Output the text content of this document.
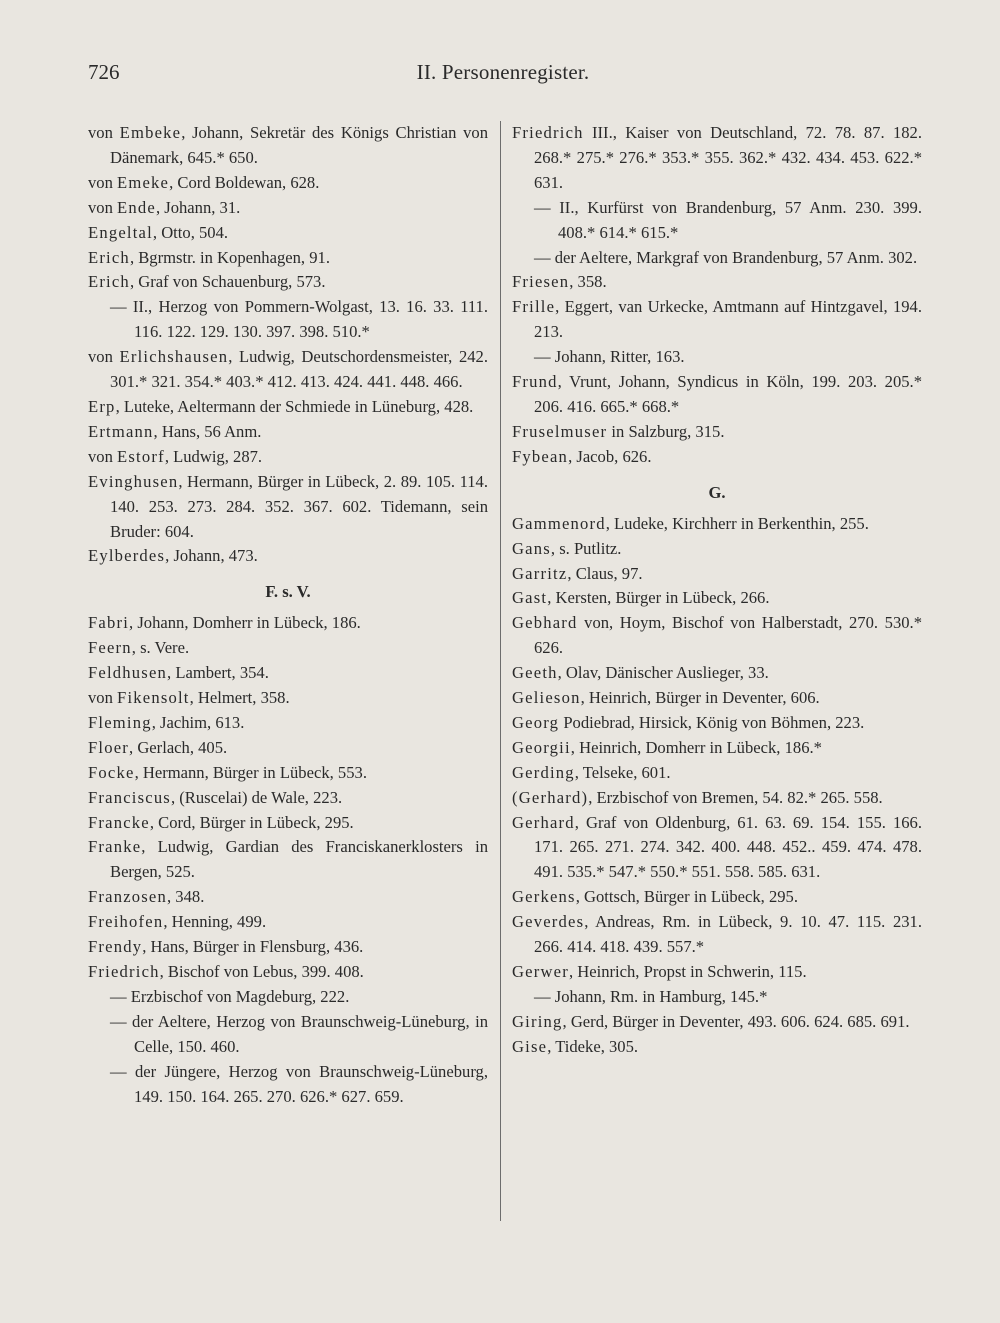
726	II. Personenregister.
von Embeke, Johann, Sekretär des Königs Christian von Dänemark, 645.* 650.
von Emeke, Cord Boldewan, 628.
von Ende, Johann, 31.
Engeltal, Otto, 504.
Erich, Bgrmstr. in Kopenhagen, 91.
Erich, Graf von Schauenburg, 573.
— II., Herzog von Pommern-Wolgast, 13. 16. 33. 111. 116. 122. 129. 130. 397. 398. 510.*
von Erlichshausen, Ludwig, Deutschordensmeister, 242. 301.* 321. 354.* 403.* 412. 413. 424. 441. 448. 466.
Erp, Luteke, Aeltermann der Schmiede in Lüneburg, 428.
Ertmann, Hans, 56 Anm.
von Estorf, Ludwig, 287.
Evinghusen, Hermann, Bürger in Lübeck, 2. 89. 105. 114. 140. 253. 273. 284. 352. 367. 602. Tidemann, sein Bruder: 604.
Eylberdes, Johann, 473.
F. s. V.
Fabri, Johann, Domherr in Lübeck, 186.
Feern, s. Vere.
Feldhusen, Lambert, 354.
von Fikensolt, Helmert, 358.
Fleming, Jachim, 613.
Floer, Gerlach, 405.
Focke, Hermann, Bürger in Lübeck, 553.
Franciscus, (Ruscelai) de Wale, 223.
Francke, Cord, Bürger in Lübeck, 295.
Franke, Ludwig, Gardian des Franciskanerklosters in Bergen, 525.
Franzosen, 348.
Freihofen, Henning, 499.
Frendy, Hans, Bürger in Flensburg, 436.
Friedrich, Bischof von Lebus, 399. 408.
— Erzbischof von Magdeburg, 222.
— der Aeltere, Herzog von Braunschweig-Lüneburg, in Celle, 150. 460.
— der Jüngere, Herzog von Braunschweig-Lüneburg, 149. 150. 164. 265. 270. 626.* 627. 659.
Friedrich III., Kaiser von Deutschland, 72. 78. 87. 182. 268.* 275.* 276.* 353.* 355. 362.* 432. 434. 453. 622.* 631.
— II., Kurfürst von Brandenburg, 57 Anm. 230. 399. 408.* 614.* 615.*
— der Aeltere, Markgraf von Brandenburg, 57 Anm. 302.
Friesen, 358.
Frille, Eggert, van Urkecke, Amtmann auf Hintzgavel, 194. 213.
— Johann, Ritter, 163.
Frund, Vrunt, Johann, Syndicus in Köln, 199. 203. 205.* 206. 416. 665.* 668.*
Fruselmuser in Salzburg, 315.
Fybean, Jacob, 626.
G.
Gammenord, Ludeke, Kirchherr in Berkenthin, 255.
Gans, s. Putlitz.
Garritz, Claus, 97.
Gast, Kersten, Bürger in Lübeck, 266.
Gebhard von, Hoym, Bischof von Halberstadt, 270. 530.* 626.
Geeth, Olav, Dänischer Auslieger, 33.
Gelieson, Heinrich, Bürger in Deventer, 606.
Georg Podiebrad, Hirsick, König von Böhmen, 223.
Georgii, Heinrich, Domherr in Lübeck, 186.*
Gerding, Telseke, 601.
(Gerhard), Erzbischof von Bremen, 54. 82.* 265. 558.
Gerhard, Graf von Oldenburg, 61. 63. 69. 154. 155. 166. 171. 265. 271. 274. 342. 400. 448. 452.. 459. 474. 478. 491. 535.* 547.* 550.* 551. 558. 585. 631.
Gerkens, Gottsch, Bürger in Lübeck, 295.
Geverdes, Andreas, Rm. in Lübeck, 9. 10. 47. 115. 231. 266. 414. 418. 439. 557.*
Gerwer, Heinrich, Propst in Schwerin, 115.
— Johann, Rm. in Hamburg, 145.*
Giring, Gerd, Bürger in Deventer, 493. 606. 624. 685. 691.
Gise, Tideke, 305.
